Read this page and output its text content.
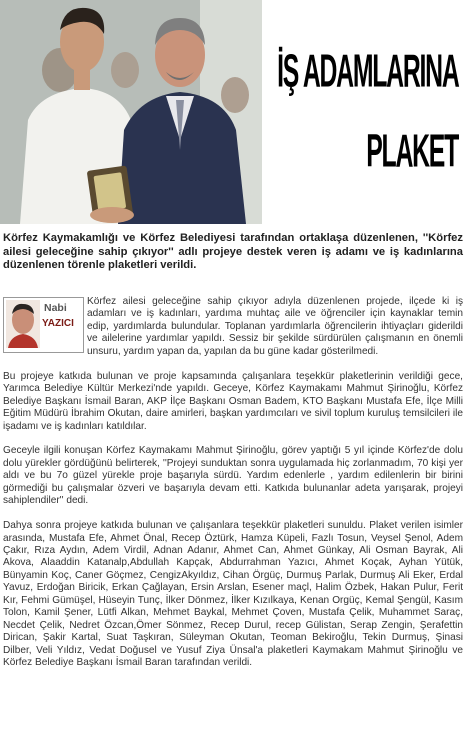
İŞ ADAMLARINA
PLAKET
Körfez Kaymakamlığı ve Körfez Belediyesi tarafından ortaklaşa düzenlenen, ''Körfez ailesi geleceğine sahip çıkıyor'' adlı projeye destek veren iş adamı ve iş kadınlarına düzenlenen törenle plaketleri verildi.
Nabi
YAZICI

Körfez ailesi geleceğine sahip çıkıyor adıyla düzenlenen projede, ilçede ki iş adamları ve iş kadınları, yardıma muhtaç aile ve öğrenciler için kaynaklar temin edip, yardımlarda bulundular. Toplanan yardımlarla öğrencilerin ihtiyaçları giderildi ve ailelerine yardımlar yapıldı. Sessiz bir şekilde sürdürülen çalışmanın en önemli unsuru, yardım yapan da, yapılan da bu güne kadar gösterilmedi.

Bu projeye katkıda bulunan ve proje kapsamında çalışanlara teşekkür plaketlerinin verildiği gece, Yarımca Belediye Kültür Merkezi'nde yapıldı. Geceye, Körfez Kaymakamı Mahmut Şirinoğlu, Körfez Belediye Başkanı İsmail Baran, AKP İlçe Başkanı Osman Badem, KTO Başkanı Mustafa Efe, İlçe Milli Eğitim Müdürü İbrahim Okutan, daire amirleri, başkan yardımcıları ve sivil toplum kuruluş temsilcileri ile işadamı ve iş kadınları katıldılar.

Geceyle ilgili konuşan Körfez Kaymakamı Mahmut Şirinoğlu, görev yaptığı 5 yıl içinde Körfez'de dolu dolu yürekler gördüğünü belirterek, ''Projeyi sunduktan sonra uygulamada hiç zorlanmadım, 70 kişi yer aldı ve bu 7o güzel yürekle proje başarıyla sürdü. Yardım edenlerle , yardım edilenlerin bir birini görmediği bu çalışmalar özveri ve başarıyla devam etti. Katkıda bulunanlar adeta yarışarak, projeyi sahiplendiler'' dedi.

Dahya sonra projeye katkıda bulunan ve çalışanlara teşekkür plaketleri sunuldu. Plaket verilen isimler arasında, Mustafa Efe, Ahmet Önal, Recep Öztürk, Hamza Küpeli, Fazlı Tosun, Veysel Şenol, Adem Çakır, Rıza Aydın, Adem Virdil, Adnan Adanır, Ahmet Can, Ahmet Günkay, Ali Osman Bayrak, Ali Akova, Alaaddin Katanalp,Abdullah Kapçak, Abdurrahman Yazıcı, Ahmet Koçak, Ayhan Yütük, Bünyamin Koç, Caner Göçmez, CengizAkyıldız, Cihan Örgüç, Durmuş Parlak, Durmuş Ali Eker, Erdal Yavuz, Erdoğan Biricik, Erkan Çağlayan, Ersin Arslan, Esener maçl, Halim Özbek, Hakan Pulur, Ferit Kır, Fehmi Gümüşel, Hüseyin Tunç, İlker Dönmez, İlker Kızılkaya, Kenan Orgüç, Kemal Şengül, Kasım Tolon, Kamil Şener, Lütfi Alkan, Mehmet Baykal, Mehmet Çoven, Mustafa Çelik, Muhammet Saraç, Necdet Çelik, Nedret Özcan,Ömer Sönmez, Recep Durul, recep Gülistan, Serap Zengin, Şerafettin Dirican, Şakir Kartal, Suat Taşkıran, Süleyman Okutan, Teoman Bekiroğlu, Tekin Durmuş, Şinasi Dilber, Veli Yıldız, Vedat Doğusel ve Yusuf Ziya Ünsal'a plaketleri Kaymakam Mahmut Şirinoğlu ve Körfez Belediye Başkanı İsmail Baran tarafından verildi.
